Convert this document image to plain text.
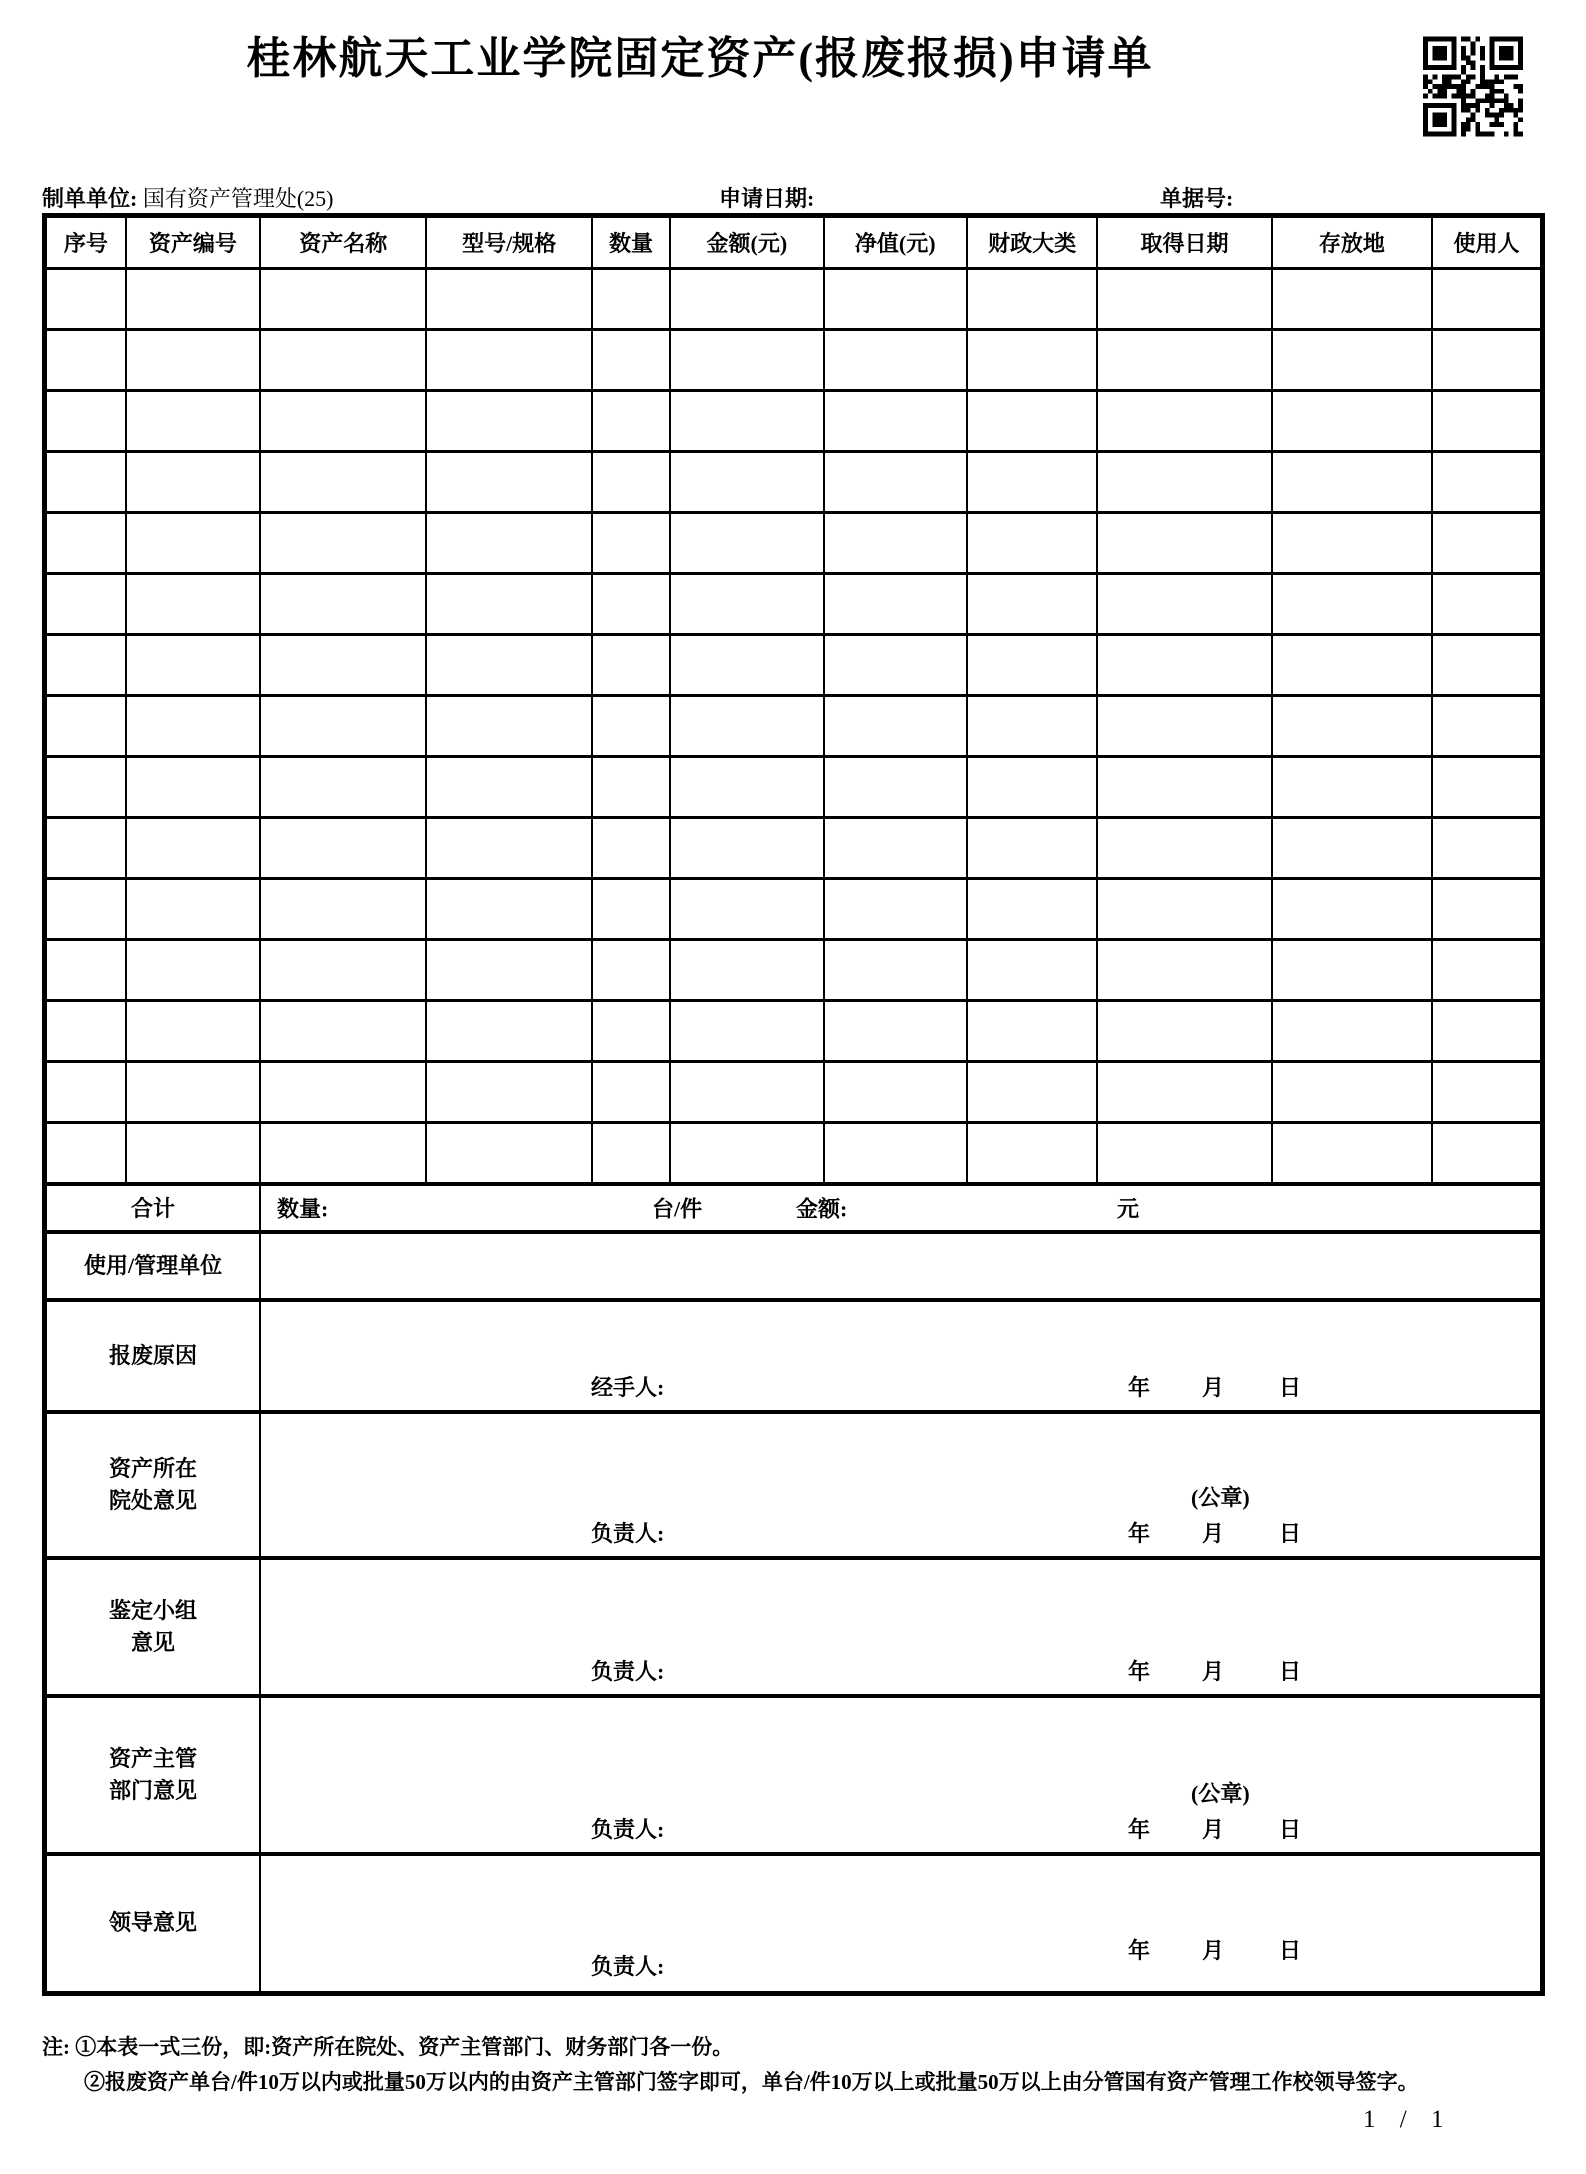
桂林航天工业学院固定资产(报废报损)申请单
制单单位: 国有资产管理处(25)	申请日期:	单据号:
序号	资产编号	资产名称	型号/规格	数量	金额(元)	净值(元)	财政大类	取得日期	存放地	使用人

合计		数量: 台/件 金额: 元								

使用/管理单位										
报废原因		经手人: 年 月 日								

资产所在
院处意见	(公章)
负责人:	年 月 日

鉴定小组
意见

负责人:	年 月 日

资产主管
部门意见	(公章)
负责人:	年 月 日

领导意见		负责人:
年 月 日								

注: ①本表一式三份，即:资产所在院处、资产主管部门、财务部门各一份。

②报废资产单台/件10万以内或批量50万以内的由资产主管部门签字即可，单台/件10万以上或批量50万以上由分管国有资产管理工作校领导签字。

1 / 1
